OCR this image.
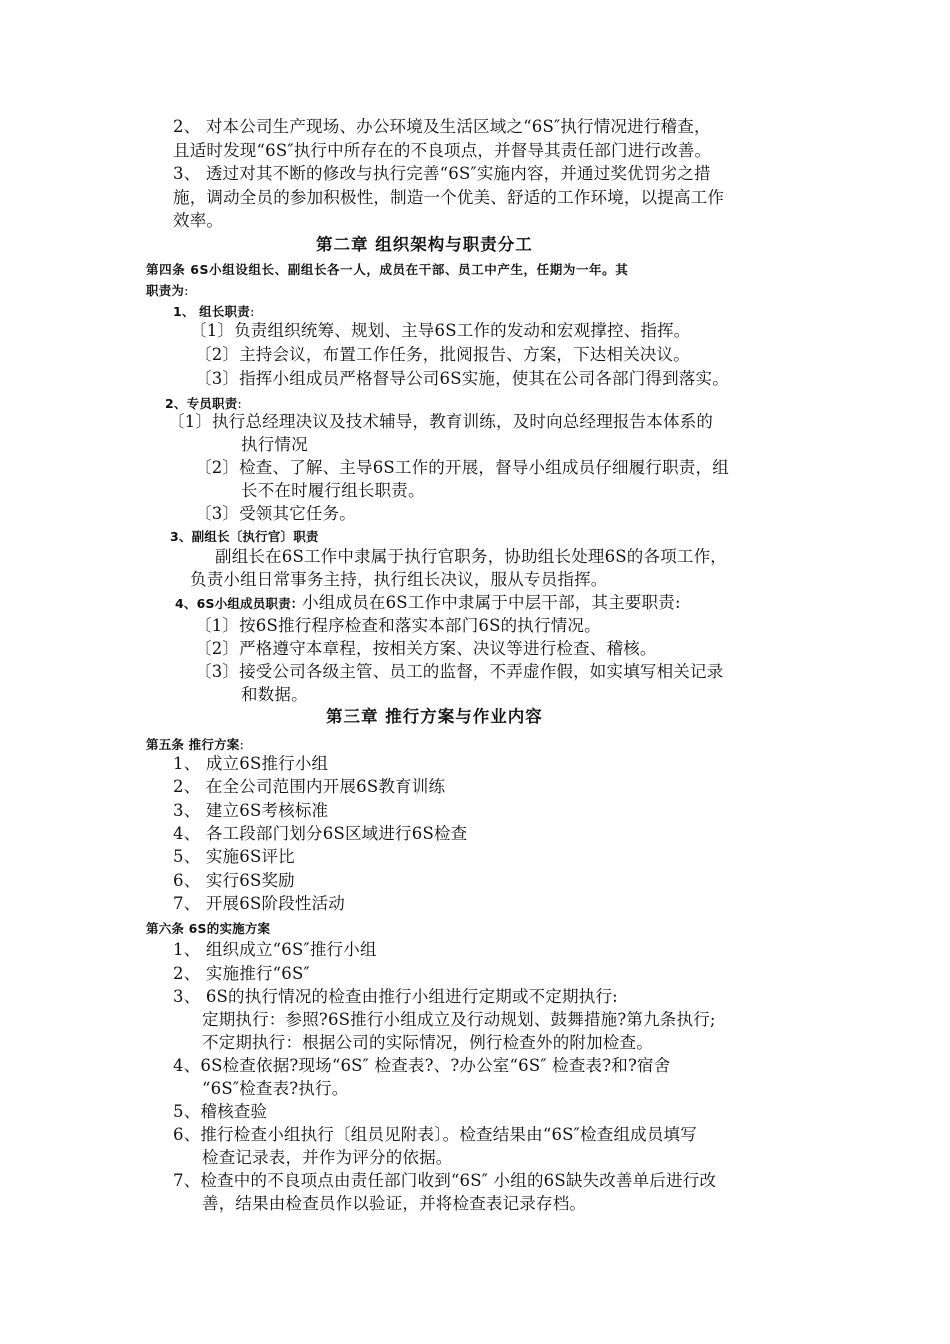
2、 对本公司生产现场、办公环境及生活区域之“6S″执行情况进行稽查，
且适时发现“6S″执行中所存在的不良项点，并督导其责任部门进行改善。
3、 透过对其不断的修改与执行完善“6S″实施内容，并通过奖优罚劣之措
施，调动全员的参加积极性，制造一个优美、舒适的工作环境，以提高工作
效率。
第二章 组织架构与职责分工
第四条 6S小组设组长、副组长各一人，成员在干部、员工中产生，任期为一年。其
职责为:
1、 组长职责:
〔1〕负责组织统筹、规划、主导6S工作的发动和宏观撑控、指挥。
〔2〕主持会议，布置工作任务，批阅报告、方案，下达相关决议。
〔3〕指挥小组成员严格督导公司6S实施，使其在公司各部门得到落实。
2、专员职责:
〔1〕执行总经理决议及技术辅导，教育训练，及时向总经理报告本体系的
执行情况
〔2〕检查、了解、主导6S工作的开展，督导小组成员仔细履行职责，组
长不在时履行组长职责。
〔3〕受领其它任务。
3、副组长〔执行官〕职责
副组长在6S工作中隶属于执行官职务，协助组长处理6S的各项工作，
负责小组日常事务主持，执行组长决议，服从专员指挥。
4、6S小组成员职责: 小组成员在6S工作中隶属于中层干部，其主要职责:
〔1〕按6S推行程序检查和落实本部门6S的执行情况。
〔2〕严格遵守本章程，按相关方案、决议等进行检查、稽核。
〔3〕接受公司各级主管、员工的监督，不弄虚作假，如实填写相关记录
和数据。
第三章 推行方案与作业内容
第五条 推行方案:
1、 成立6S推行小组
2、 在全公司范围内开展6S教育训练
3、 建立6S考核标准
4、 各工段部门划分6S区域进行6S检查
5、 实施6S评比
6、 实行6S奖励
7、 开展6S阶段性活动
第六条 6S的实施方案
1、 组织成立“6S″推行小组
2、 实施推行“6S″
3、 6S的执行情况的检查由推行小组进行定期或不定期执行:
定期执行：参照?6S推行小组成立及行动规划、鼓舞措施?第九条执行;
不定期执行：根据公司的实际情况，例行检查外的附加检查。
4、6S检查依据?现场“6S″ 检查表?、?办公室“6S″ 检查表?和?宿舍
“6S″检查表?执行。
5、稽核查验
6、推行检查小组执行〔组员见附表〕。检查结果由“6S″检查组成员填写
检查记录表，并作为评分的依据。
7、检查中的不良项点由责任部门收到“6S″ 小组的6S缺失改善单后进行改
善，结果由检查员作以验证，并将检查表记录存档。
